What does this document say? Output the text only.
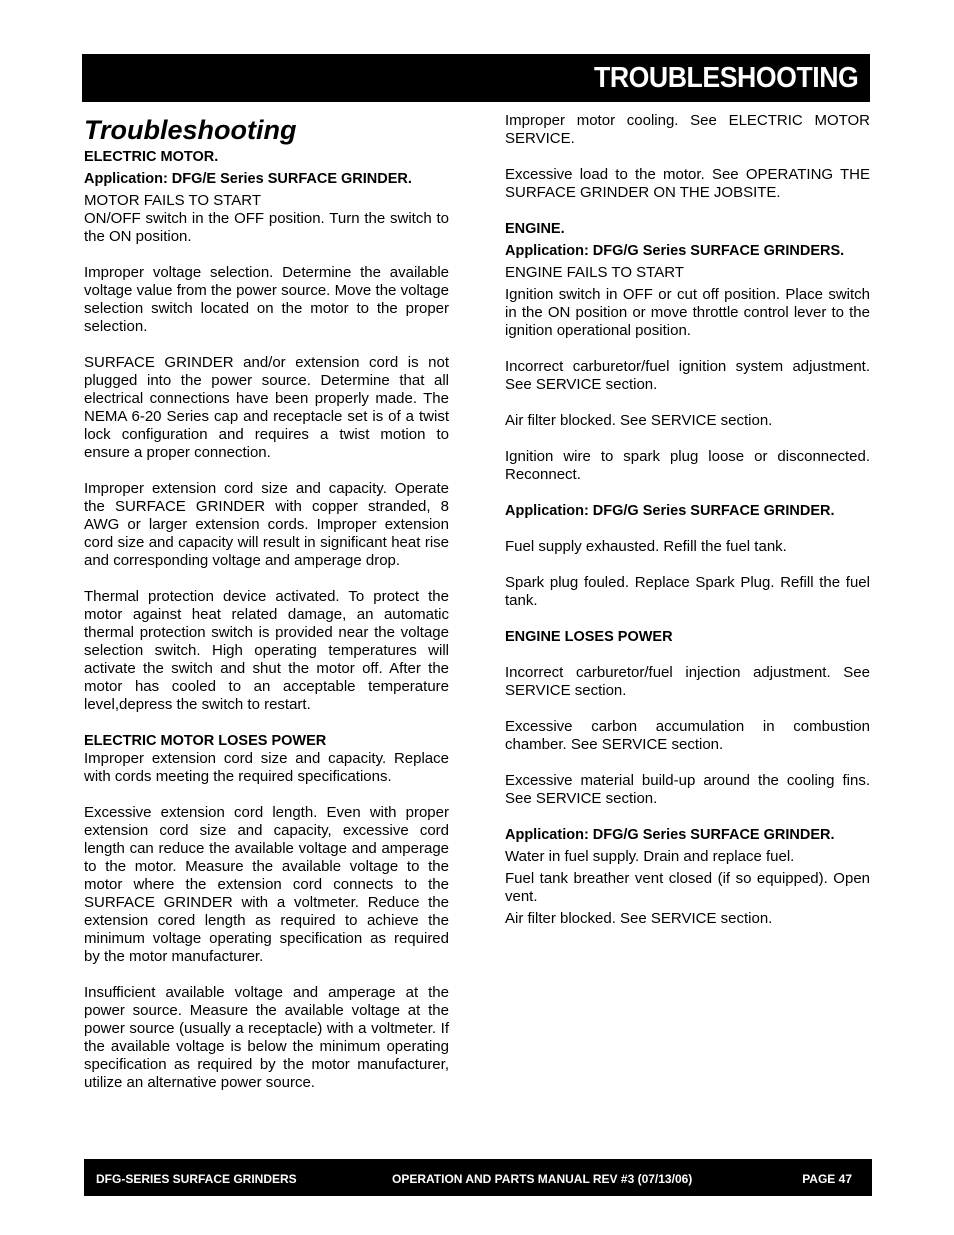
TROUBLESHOOTING
Troubleshooting

ELECTRIC MOTOR.

Application: DFG/E Series SURFACE GRINDER.

MOTOR FAILS TO START

ON/OFF switch in the OFF position. Turn the switch to the ON position.

Improper voltage selection. Determine the available voltage value from the power source. Move the voltage selection switch located on the motor to the proper selection.

SURFACE GRINDER and/or extension cord is not plugged into the power source. Determine that all electrical connections have been properly made. The NEMA 6-20 Series cap and receptacle set is of a twist lock configuration and requires a twist motion to ensure a proper connection.

Improper extension cord size and capacity. Operate the SURFACE GRINDER with copper stranded, 8 AWG or larger extension cords. Improper extension cord size and capacity will result in significant heat rise and corresponding voltage and amperage drop.

Thermal protection device activated. To protect the motor against heat related damage, an automatic thermal protection switch is provided near the voltage selection switch. High operating temperatures will activate the switch and shut the motor off. After the motor has cooled to an acceptable temperature level,depress the switch to restart.

ELECTRIC MOTOR LOSES POWER

Improper extension cord size and capacity. Replace with cords meeting the required specifications.

Excessive extension cord length. Even with proper extension cord size and capacity, excessive cord length can reduce the available voltage and amperage to the motor. Measure the available voltage to the motor where the extension cord connects to the SURFACE GRINDER with a voltmeter. Reduce the extension cored length as required to achieve the minimum voltage operating specification as required by the motor manufacturer.

Insufficient available voltage and amperage at the power source. Measure the available voltage at the power source (usually a receptacle) with a voltmeter. If the available voltage is below the minimum operating specification as required by the motor manufacturer, utilize an alternative power source.

Improper motor cooling. See ELECTRIC MOTOR SERVICE.

Excessive load to the motor. See OPERATING THE SURFACE GRINDER ON THE JOBSITE.

ENGINE.

Application: DFG/G Series SURFACE GRINDERS.

ENGINE FAILS TO START

Ignition switch in OFF or cut off position. Place switch in the ON position or move throttle control lever to the ignition operational position.

Incorrect carburetor/fuel ignition system adjustment. See SERVICE section.

Air filter blocked. See SERVICE section.

Ignition wire to spark plug loose or disconnected. Reconnect.

Application: DFG/G Series SURFACE GRINDER.

Fuel supply exhausted. Refill the fuel tank.

Spark plug fouled. Replace Spark Plug. Refill the fuel tank.

ENGINE LOSES POWER

Incorrect carburetor/fuel injection adjustment. See SERVICE section.

Excessive carbon accumulation in combustion chamber. See SERVICE section.

Excessive material build-up around the cooling fins. See SERVICE section.

Application: DFG/G Series SURFACE GRINDER.

Water in fuel supply. Drain and replace fuel.

Fuel tank breather vent closed (if so equipped). Open vent.

Air filter blocked. See SERVICE section.

DFG-SERIES SURFACE GRINDERS	OPERATION AND PARTS MANUAL REV #3 (07/13/06)	PAGE 47
